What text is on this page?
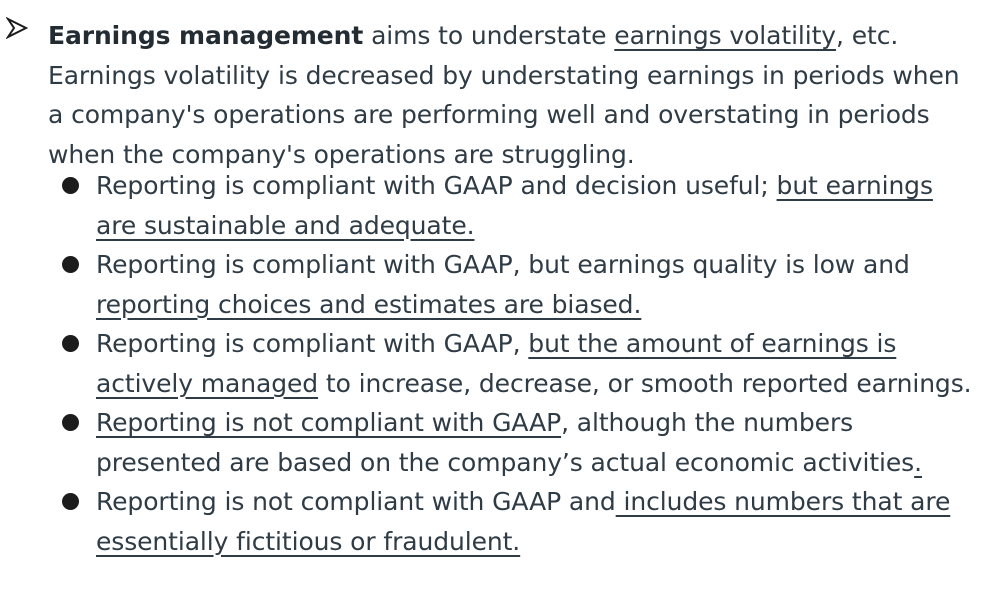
Earnings management aims to understate earnings volatility, etc. Earnings volatility is decreased by understating earnings in periods when a company's operations are performing well and overstating in periods when the company's operations are struggling.
Reporting is compliant with GAAP and decision useful; but earnings are sustainable and adequate.
Reporting is compliant with GAAP, but earnings quality is low and reporting choices and estimates are biased.
Reporting is compliant with GAAP, but the amount of earnings is actively managed to increase, decrease, or smooth reported earnings.
Reporting is not compliant with GAAP, although the numbers presented are based on the company’s actual economic activities.
Reporting is not compliant with GAAP and includes numbers that are essentially fictitious or fraudulent.
